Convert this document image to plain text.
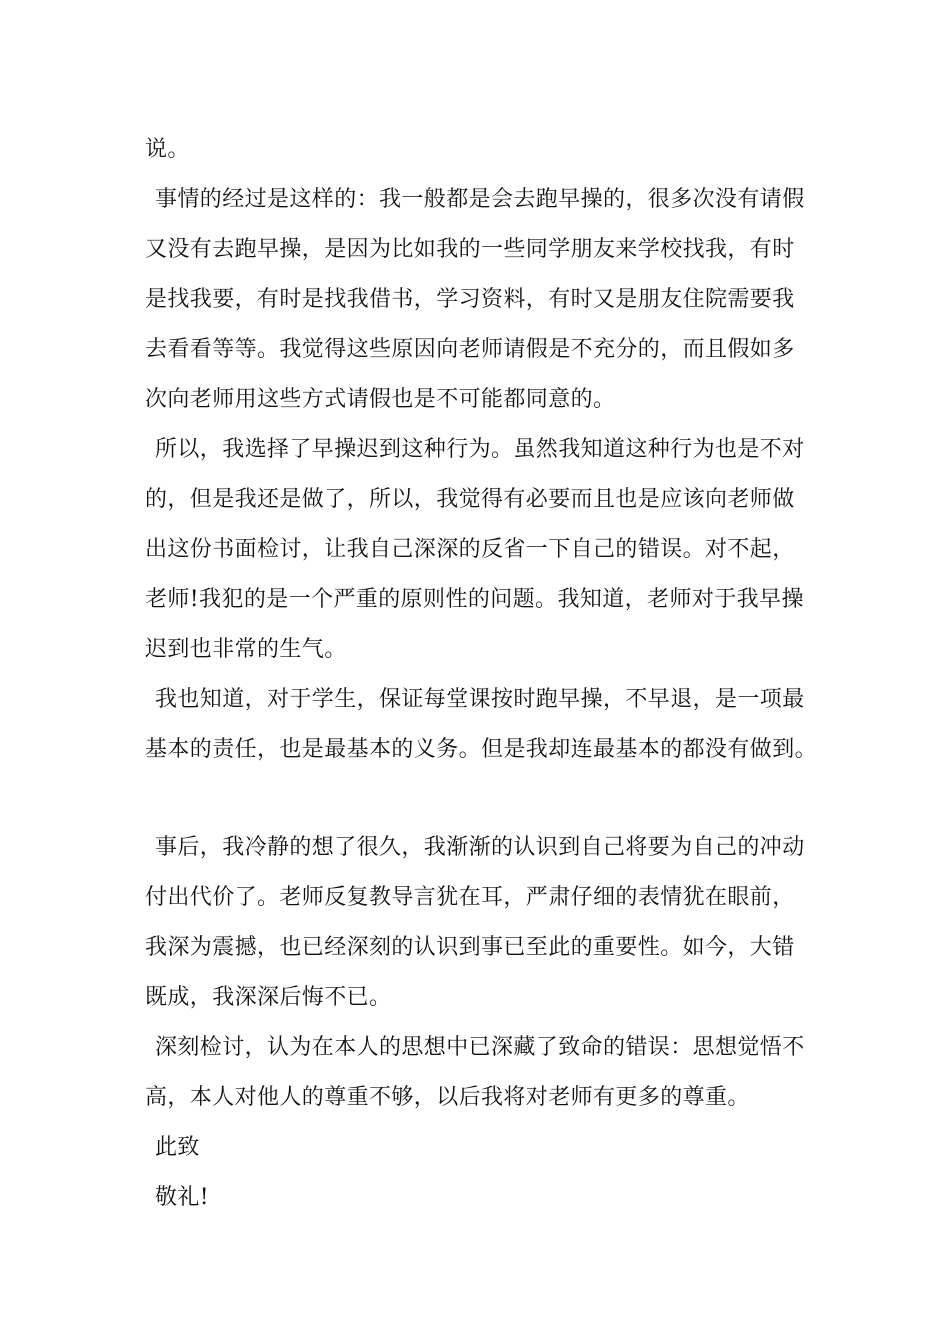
说。
事情的经过是这样的：我一般都是会去跑早操的，很多次没有请假
又没有去跑早操，是因为比如我的一些同学朋友来学校找我，有时
是找我要，有时是找我借书，学习资料，有时又是朋友住院需要我
去看看等等。我觉得这些原因向老师请假是不充分的，而且假如多
次向老师用这些方式请假也是不可能都同意的。
所以，我选择了早操迟到这种行为。虽然我知道这种行为也是不对
的，但是我还是做了，所以，我觉得有必要而且也是应该向老师做
出这份书面检讨，让我自己深深的反省一下自己的错误。对不起，
老师!我犯的是一个严重的原则性的问题。我知道，老师对于我早操
迟到也非常的生气。
我也知道，对于学生，保证每堂课按时跑早操，不早退，是一项最
基本的责任，也是最基本的义务。但是我却连最基本的都没有做到。
事后，我冷静的想了很久，我渐渐的认识到自己将要为自己的冲动
付出代价了。老师反复教导言犹在耳，严肃仔细的表情犹在眼前，
我深为震撼，也已经深刻的认识到事已至此的重要性。如今，大错
既成，我深深后悔不已。
深刻检讨，认为在本人的思想中已深藏了致命的错误：思想觉悟不
高，本人对他人的尊重不够，以后我将对老师有更多的尊重。
此致
敬礼!
